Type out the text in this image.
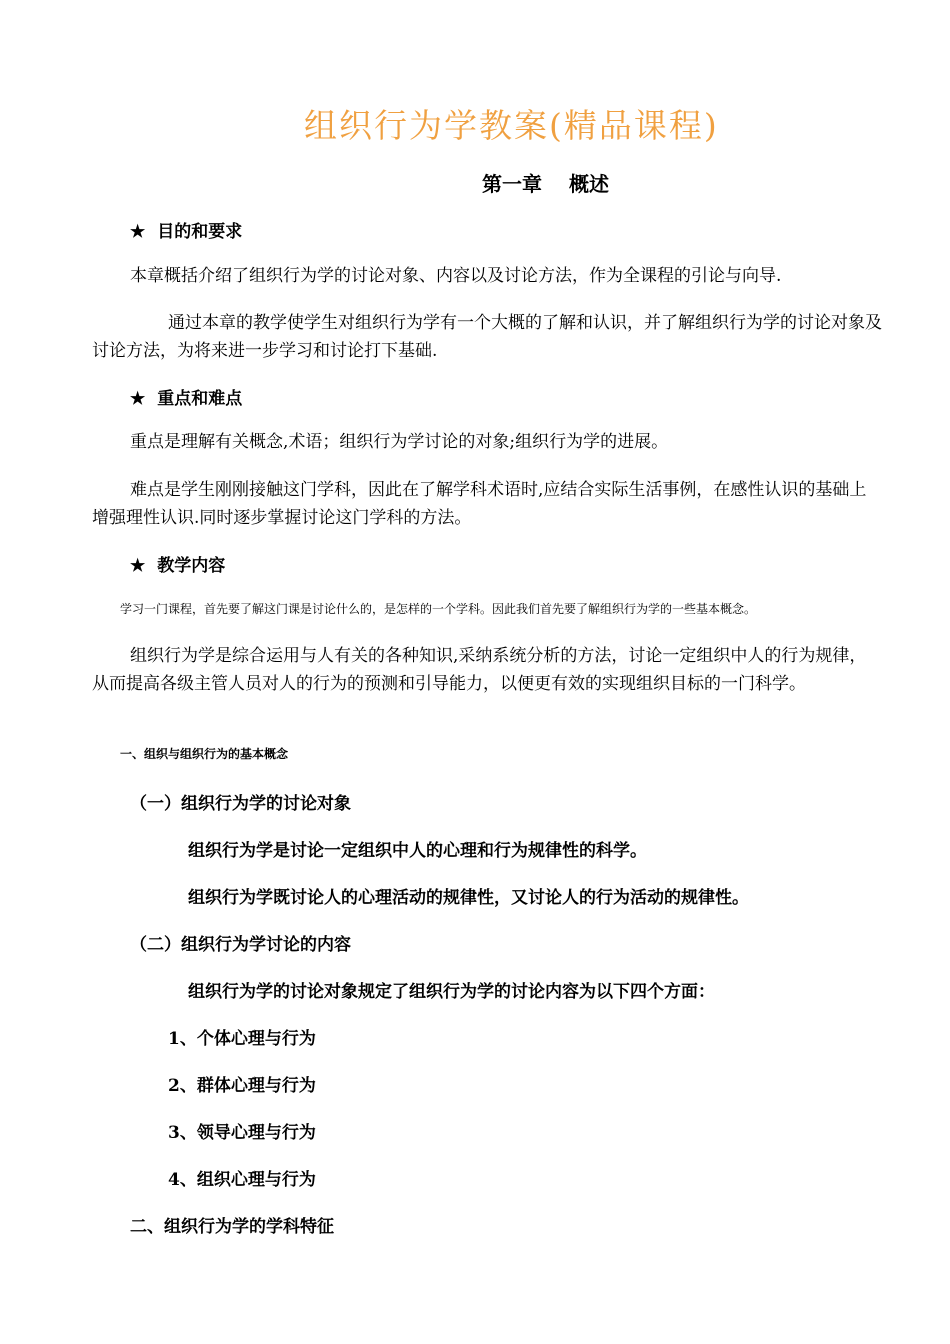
组织行为学教案(精品课程)
第一章　 概述
★ 目的和要求
本章概括介绍了组织行为学的讨论对象、内容以及讨论方法，作为全课程的引论与向导.
通过本章的教学使学生对组织行为学有一个大概的了解和认识，并了解组织行为学的讨论对象及讨论方法，为将来进一步学习和讨论打下基础.
★ 重点和难点
重点是理解有关概念,术语；组织行为学讨论的对象;组织行为学的进展。
难点是学生刚刚接触这门学科，因此在了解学科术语时,应结合实际生活事例，在感性认识的基础上增强理性认识.同时逐步掌握讨论这门学科的方法。
★ 教学内容
学习一门课程，首先要了解这门课是讨论什么的，是怎样的一个学科。因此我们首先要了解组织行为学的一些基本概念。
组织行为学是综合运用与人有关的各种知识,采纳系统分析的方法，讨论一定组织中人的行为规律，从而提高各级主管人员对人的行为的预测和引导能力，以便更有效的实现组织目标的一门科学。
一、组织与组织行为的基本概念
（一）组织行为学的讨论对象
组织行为学是讨论一定组织中人的心理和行为规律性的科学。
组织行为学既讨论人的心理活动的规律性，又讨论人的行为活动的规律性。
（二）组织行为学讨论的内容
组织行为学的讨论对象规定了组织行为学的讨论内容为以下四个方面：
1、个体心理与行为
2、群体心理与行为
3、领导心理与行为
4、组织心理与行为
二、组织行为学的学科特征
